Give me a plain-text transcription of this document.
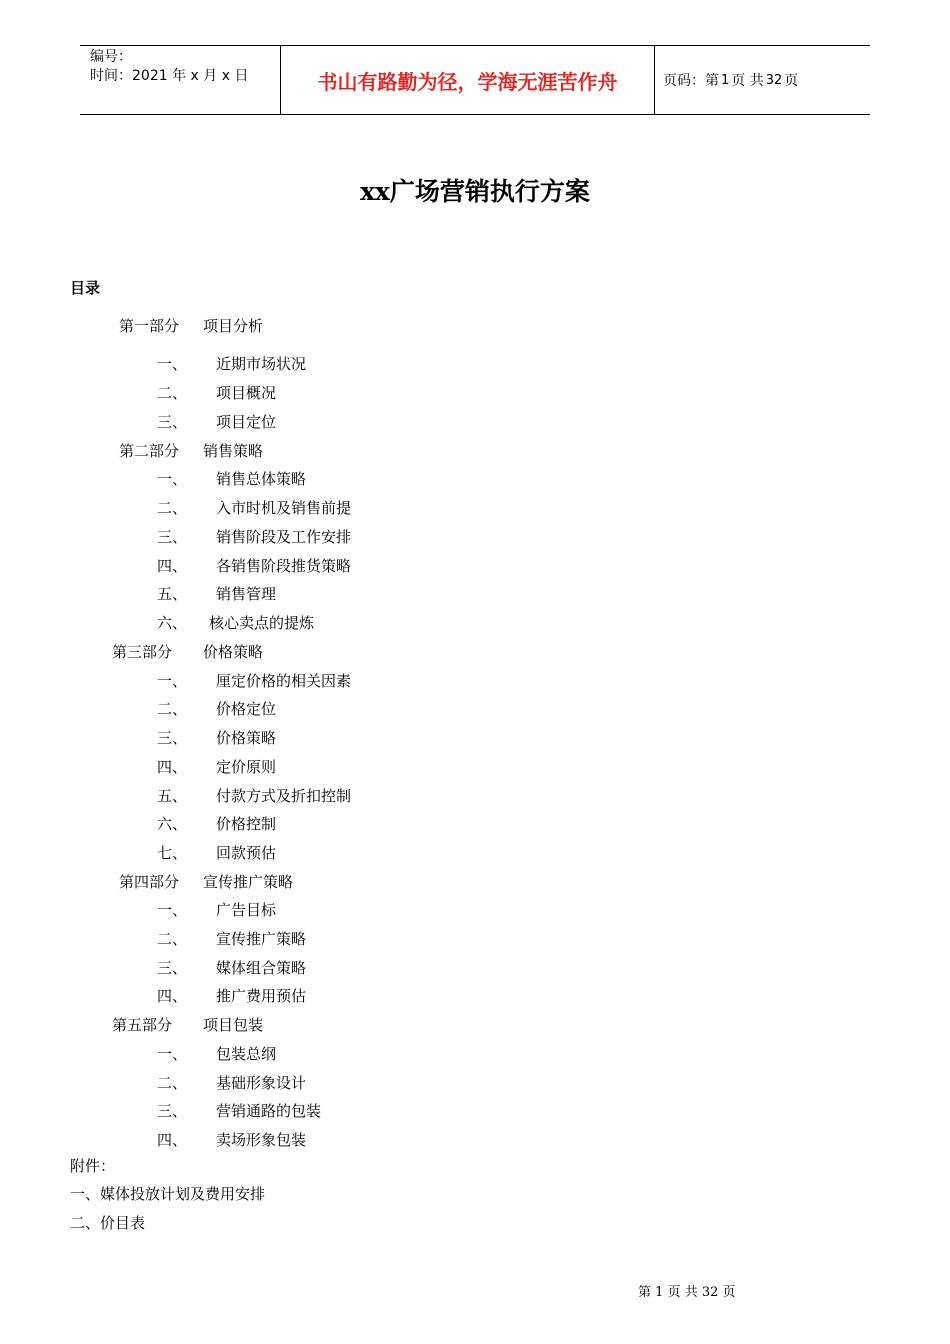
编号：
时间：2021 年 x 月 x 日	书山有路勤为径，学海无涯苦作舟	页码：第 1 页 共 32 页
xx广场营销执行方案
目录
第一部分 项目分析
一、 近期市场状况
二、 项目概况
三、 项目定位
第二部分 销售策略
一、 销售总体策略
二、 入市时机及销售前提
三、 销售阶段及工作安排
四、 各销售阶段推货策略
五、 销售管理
六、 核心卖点的提炼
第三部分 价格策略
一、 厘定价格的相关因素
二、 价格定位
三、 价格策略
四、 定价原则
五、 付款方式及折扣控制
六、 价格控制
七、 回款预估
第四部分 宣传推广策略
一、 广告目标
二、 宣传推广策略
三、 媒体组合策略
四、 推广费用预估
第五部分 项目包装
一、 包装总纲
二、 基础形象设计
三、 营销通路的包装
四、 卖场形象包装
附件：
一、媒体投放计划及费用安排
二、价目表
第 1 页 共 32 页
